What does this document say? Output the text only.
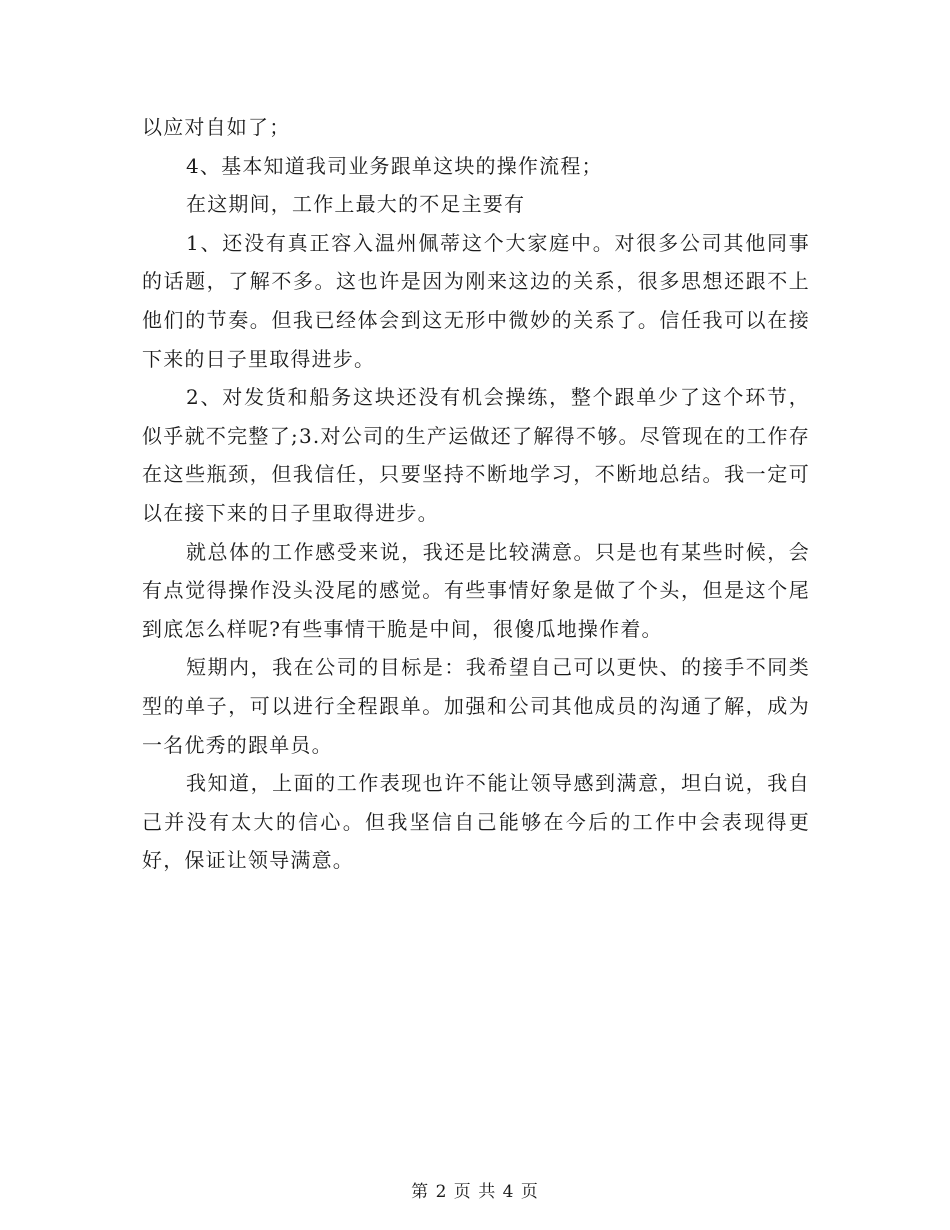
以应对自如了；

4、基本知道我司业务跟单这块的操作流程；

在这期间，工作上最大的不足主要有

1、还没有真正容入温州佩蒂这个大家庭中。对很多公司其他同事的话题，了解不多。这也许是因为刚来这边的关系，很多思想还跟不上他们的节奏。但我已经体会到这无形中微妙的关系了。信任我可以在接下来的日子里取得进步。

2、对发货和船务这块还没有机会操练，整个跟单少了这个环节，似乎就不完整了;3.对公司的生产运做还了解得不够。尽管现在的工作存在这些瓶颈，但我信任，只要坚持不断地学习，不断地总结。我一定可以在接下来的日子里取得进步。

就总体的工作感受来说，我还是比较满意。只是也有某些时候，会有点觉得操作没头没尾的感觉。有些事情好象是做了个头，但是这个尾到底怎么样呢?有些事情干脆是中间，很傻瓜地操作着。

短期内，我在公司的目标是：我希望自己可以更快、的接手不同类型的单子，可以进行全程跟单。加强和公司其他成员的沟通了解，成为一名优秀的跟单员。

我知道，上面的工作表现也许不能让领导感到满意，坦白说，我自己并没有太大的信心。但我坚信自己能够在今后的工作中会表现得更好，保证让领导满意。

第 2 页 共 4 页
